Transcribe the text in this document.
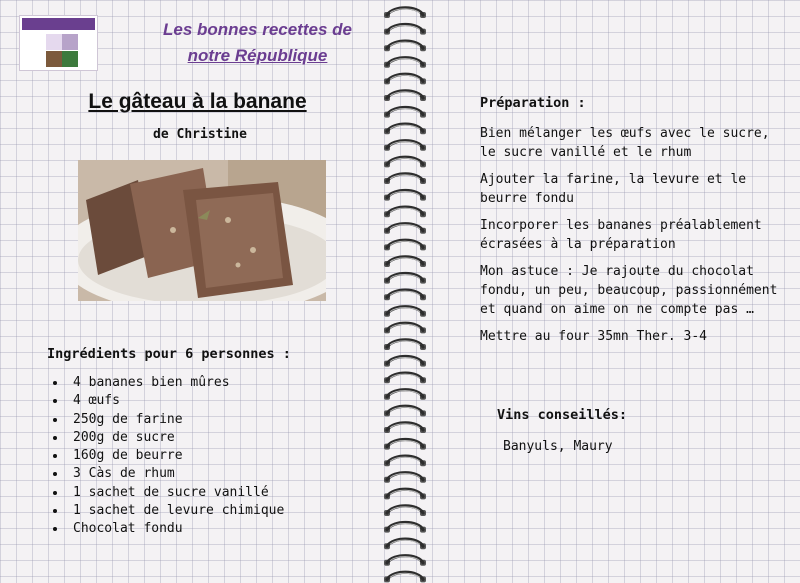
Les bonnes recettes de
notre République
Le gâteau à la banane
de Christine
Ingrédients pour 6 personnes :
• 4 bananes bien mûres
• 4 œufs
• 250g de farine
• 200g de sucre
• 160g de beurre
• 3 Càs de rhum
• 1 sachet de sucre vanillé
• 1 sachet de levure chimique
• Chocolat fondu
Préparation :

Bien mélanger les œufs avec le sucre, le sucre vanillé et le rhum

Ajouter la farine, la levure et le beurre fondu

Incorporer les bananes préalablement écrasées à la préparation

Mon astuce : Je rajoute du chocolat fondu, un peu, beaucoup, passionnément et quand on aime on ne compte pas …

Mettre au four 35mn Ther. 3-4

Vins conseillés:
Banyuls, Maury
